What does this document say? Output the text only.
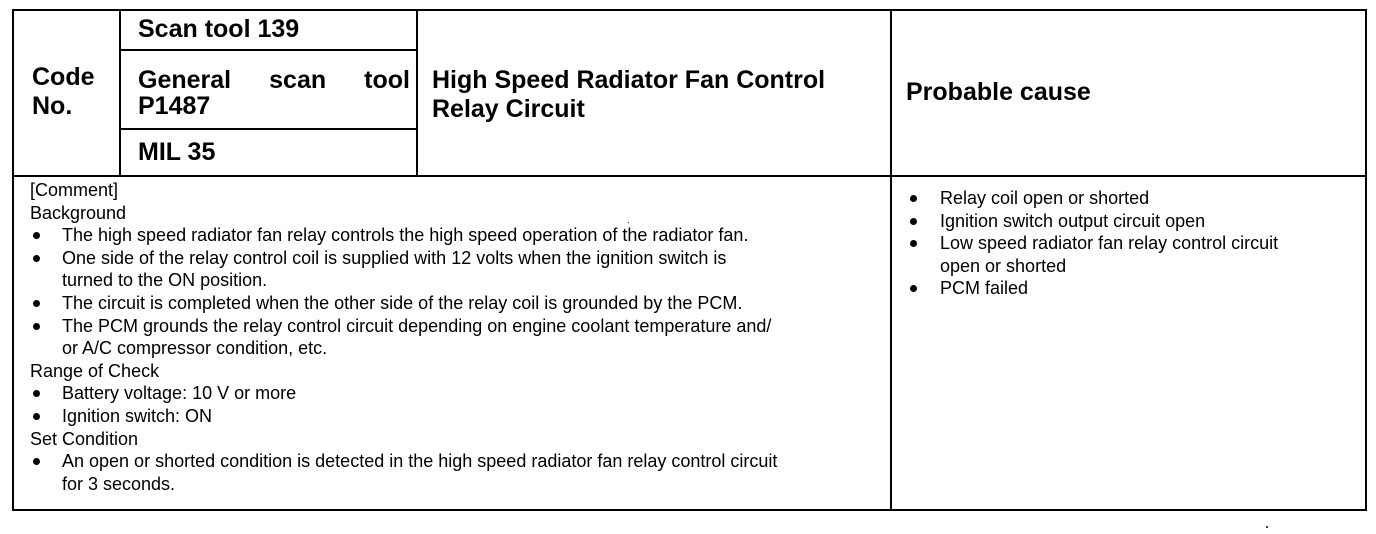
Code
No.
Scan tool 139
General scan tool
P1487
MIL 35
High Speed Radiator Fan Control
Relay Circuit
Probable cause
[Comment]
Background
The high speed radiator fan relay controls the high speed operation of the radiator fan.
One side of the relay control coil is supplied with 12 volts when the ignition switch is
turned to the ON position.
The circuit is completed when the other side of the relay coil is grounded by the PCM.
The PCM grounds the relay control circuit depending on engine coolant temperature and/
or A/C compressor condition, etc.
Range of Check
Battery voltage: 10 V or more
Ignition switch: ON
Set Condition
An open or shorted condition is detected in the high speed radiator fan relay control circuit
for 3 seconds.
Relay coil open or shorted
Ignition switch output circuit open
Low speed radiator fan relay control circuit
open or shorted
PCM failed
